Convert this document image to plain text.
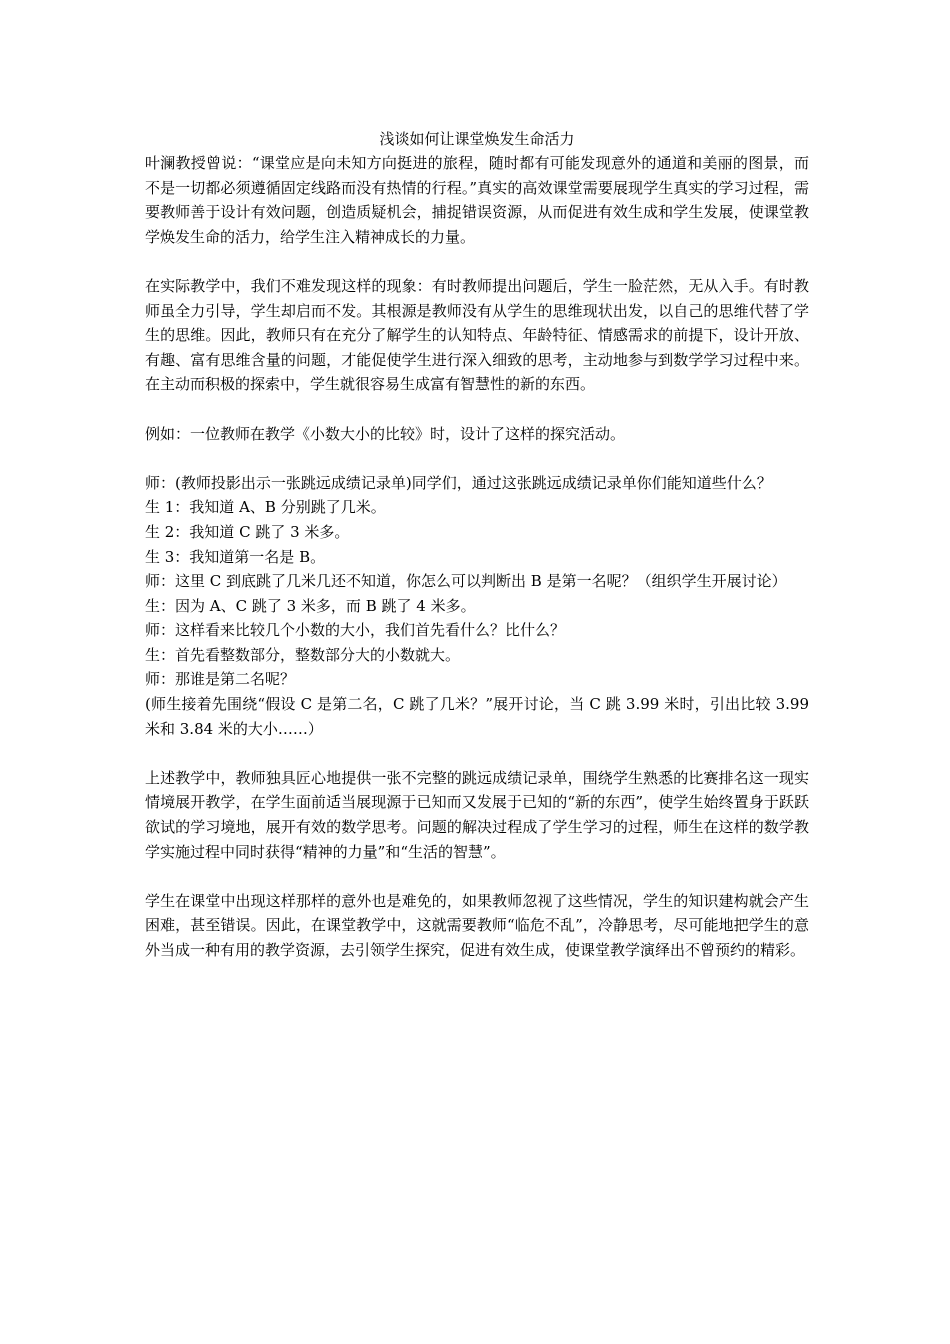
浅谈如何让课堂焕发生命活力

叶澜教授曾说：“课堂应是向未知方向挺进的旅程，随时都有可能发现意外的通道和美丽的图景，而不是一切都必须遵循固定线路而没有热情的行程。”真实的高效课堂需要展现学生真实的学习过程，需要教师善于设计有效问题，创造质疑机会，捕捉错误资源，从而促进有效生成和学生发展，使课堂教学焕发生命的活力，给学生注入精神成长的力量。

在实际教学中，我们不难发现这样的现象：有时教师提出问题后，学生一脸茫然，无从入手。有时教师虽全力引导，学生却启而不发。其根源是教师没有从学生的思维现状出发，以自己的思维代替了学生的思维。因此，教师只有在充分了解学生的认知特点、年龄特征、情感需求的前提下，设计开放、有趣、富有思维含量的问题，才能促使学生进行深入细致的思考，主动地参与到数学学习过程中来。在主动而积极的探索中，学生就很容易生成富有智慧性的新的东西。

例如：一位教师在教学《小数大小的比较》时，设计了这样的探究活动。

师：(教师投影出示一张跳远成绩记录单)同学们，通过这张跳远成绩记录单你们能知道些什么？

生 1：我知道 A、B 分别跳了几米。

生 2：我知道 C 跳了 3 米多。

生 3：我知道第一名是 B。

师：这里 C 到底跳了几米几还不知道，你怎么可以判断出 B 是第一名呢？（组织学生开展讨论）

生：因为 A、C 跳了 3 米多，而 B 跳了 4 米多。

师：这样看来比较几个小数的大小，我们首先看什么？比什么？

生：首先看整数部分，整数部分大的小数就大。

师：那谁是第二名呢？

(师生接着先围绕“假设 C 是第二名，C 跳了几米？”展开讨论，当 C 跳 3.99 米时，引出比较 3.99 米和 3.84 米的大小……）

上述教学中，教师独具匠心地提供一张不完整的跳远成绩记录单，围绕学生熟悉的比赛排名这一现实情境展开教学，在学生面前适当展现源于已知而又发展于已知的“新的东西”，使学生始终置身于跃跃欲试的学习境地，展开有效的数学思考。问题的解决过程成了学生学习的过程，师生在这样的数学教学实施过程中同时获得“精神的力量”和“生活的智慧”。

学生在课堂中出现这样那样的意外也是难免的，如果教师忽视了这些情况，学生的知识建构就会产生困难，甚至错误。因此，在课堂教学中，这就需要教师“临危不乱”，冷静思考，尽可能地把学生的意外当成一种有用的教学资源，去引领学生探究，促进有效生成，使课堂教学演绎出不曾预约的精彩。
